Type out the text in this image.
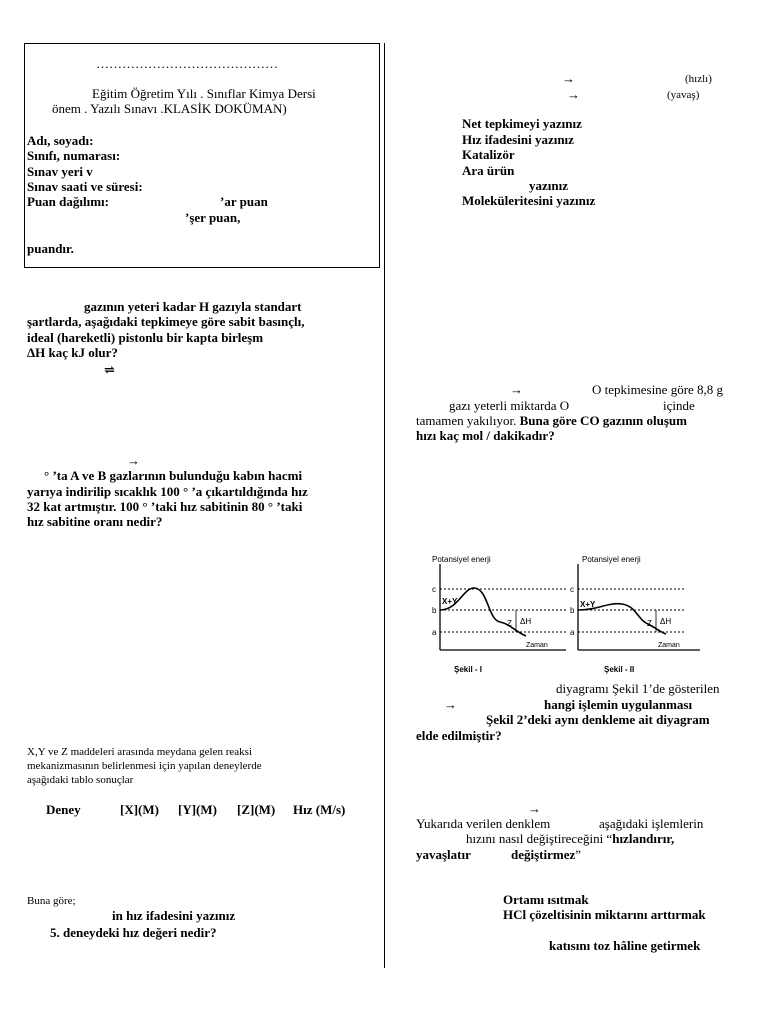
……………………………………
Eğitim Öğretim Yılı . Sınıflar Kimya Dersi
önem . Yazılı Sınavı .KLASİK DOKÜMAN)
Adı, soyadı:
Sınıfı, numarası:
Sınav yeri v
Sınav saati ve süresi:
Puan dağılımı:	’ar puan
’şer puan,
puandır.
gazının yeteri kadar H gazıyla standart
şartlarda, aşağıdaki tepkimeye göre sabit basınçlı,
ideal (hareketli) pistonlu bir kapta birleşm
ΔH kaç kJ olur?
⇌
→
° ’ta A ve B gazlarının bulunduğu kabın hacmi
yarıya indirilip sıcaklık 100 ° ’a çıkartıldığında hız
32 kat artmıştır. 100 ° ’taki hız sabitinin 80 ° ’taki
hız sabitine oranı nedir?
X,Y ve Z maddeleri arasında meydana gelen reaksi
mekanizmasının belirlenmesi için yapılan deneylerde
aşağıdaki tablo sonuçlar
Deney	[X](M) [Y](M) [Z](M) Hız (M/s)
Buna göre;
in hız ifadesini yazınız
5. deneydeki hız değeri nedir?
→	(hızlı)
→	(yavaş)
Net tepkimeyi yazınız
Hız ifadesini yazınız
Katalizör
Ara ürün
yazınız
Moleküleritesini yazınız
→	O tepkimesine göre 8,8 g
gazı yeterli miktarda O	içinde
tamamen yakılıyor. Buna göre CO gazının oluşum
hızı kaç mol / dakikadır?
Potansiyel enerji
c
b
a
X+Y
Z ΔH
Zaman
Şekil - I
Potansiyel enerji
c
b
a
X+Y
Z ΔH
Zaman
Şekil - II
diyagramı Şekil 1’de gösterilen
→	hangi işlemin uygulanması
Şekil 2’deki aynı denkleme ait diyagram
elde edilmiştir?
→
Yukarıda verilen denklem	aşağıdaki işlemlerin
hızını nasıl değiştireceğini “hızlandırır,
yavaşlatır	değiştirmez”
Ortamı ısıtmak
HCl çözeltisinin miktarını arttırmak
katısını toz hâline getirmek
